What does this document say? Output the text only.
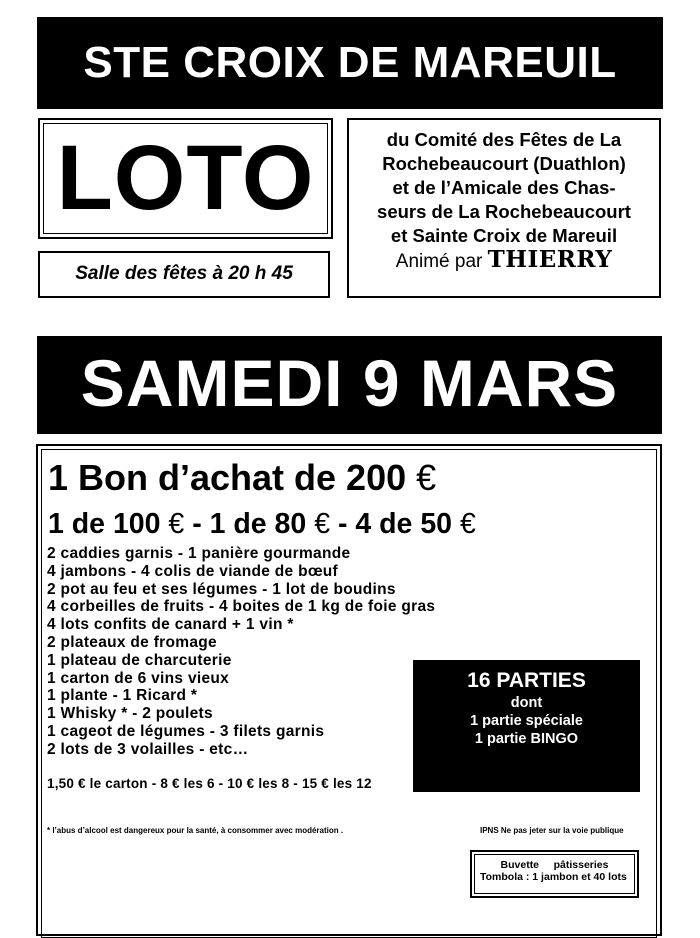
STE CROIX DE MAREUIL
LOTO
Salle des fêtes à 20 h 45
du Comité des Fêtes de La
Rochebeaucourt (Duathlon)
et de l’Amicale des Chas-
seurs de La Rochebeaucourt
et Sainte Croix de Mareuil
Animé par THIERRY
SAMEDI 9 MARS
1 Bon d’achat de 200 €
1 de 100 € - 1 de 80 € - 4 de 50 €
2 caddies garnis - 1 panière gourmande
4 jambons - 4 colis de viande de bœuf
2 pot au feu et ses légumes - 1 lot de boudins
4 corbeilles de fruits - 4 boites de 1 kg de foie gras
4 lots confits de canard + 1 vin *
2 plateaux de fromage
1 plateau de charcuterie
1 carton de 6 vins vieux
1 plante - 1 Ricard *
1 Whisky * - 2 poulets
1 cageot de légumes - 3 filets garnis
2 lots de 3 volailles - etc…
1,50 € le carton - 8 € les 6 - 10 € les 8 - 15 € les 12
16 PARTIES
dont
1 partie spéciale
1 partie BINGO
* l’abus d’alcool est dangereux pour la santé, à consommer avec modération .	IPNS Ne pas jeter sur la voie publique
Buvette     pâtisseries
Tombola : 1 jambon et 40 lots
